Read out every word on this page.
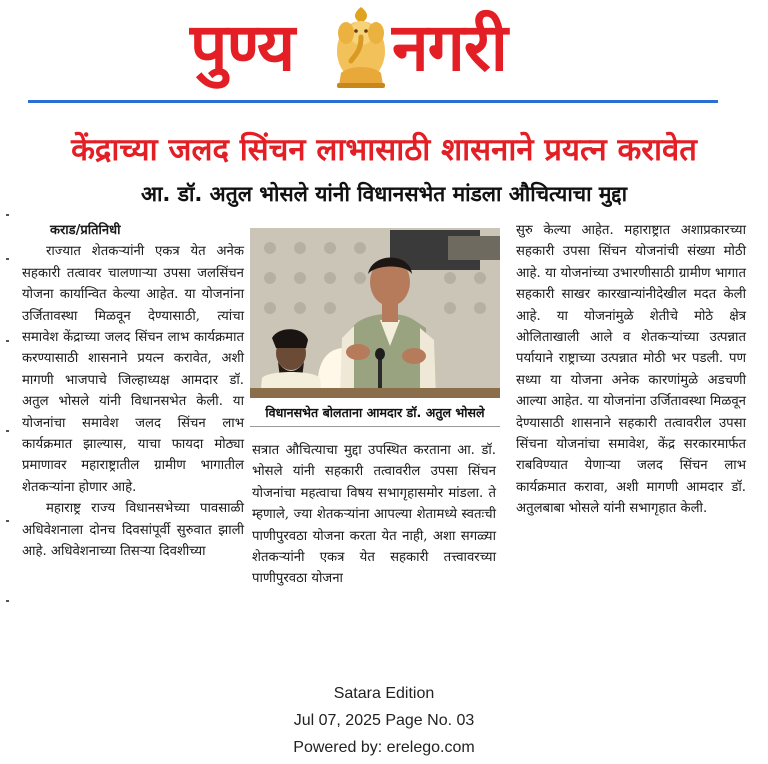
पुण्य नगरी
केंद्राच्या जलद सिंचन लाभासाठी शासनाने प्रयत्न करावेत
आ. डॉ. अतुल भोसले यांनी विधानसभेत मांडला औचित्याचा मुद्दा

कराड/प्रतिनिधी

राज्यात शेतकऱ्यांनी एकत्र येत अनेक सहकारी तत्वावर चालणाऱ्या उपसा जलसिंचन योजना कार्यान्वित केल्या आहेत. या योजनांना उर्जितावस्था मिळवून देण्यासाठी, त्यांचा समावेश केंद्राच्या जलद सिंचन लाभ कार्यक्रमात करण्यासाठी शासनाने प्रयत्न करावेत, अशी मागणी भाजपाचे जिल्हाध्यक्ष आमदार डॉ. अतुल भोसले यांनी विधानसभेत केली. या योजनांचा समावेश जलद सिंचन लाभ कार्यक्रमात झाल्यास, याचा फायदा मोठ्या प्रमाणावर महाराष्ट्रातील ग्रामीण भागातील शेतकऱ्यांना होणार आहे.

महाराष्ट्र राज्य विधानसभेच्या पावसाळी अधिवेशनाला दोनच दिवसांपूर्वी सुरुवात झाली आहे. अधिवेशनाच्या तिसऱ्या दिवशीच्या

विधानसभेत बोलताना आमदार डॉ. अतुल भोसले

सत्रात औचित्याचा मुद्दा उपस्थित करताना आ. डॉ. भोसले यांनी सहकारी तत्वावरील उपसा सिंचन योजनांचा महत्वाचा विषय सभागृहासमोर मांडला. ते म्हणाले, ज्या शेतकऱ्यांना आपल्या शेतामध्ये स्वतःची पाणीपुरवठा योजना करता येत नाही, अशा सगळ्या शेतकऱ्यांनी एकत्र येत सहकारी तत्त्वावरच्या पाणीपुरवठा योजना

सुरु केल्या आहेत. महाराष्ट्रात अशाप्रकारच्या सहकारी उपसा सिंचन योजनांची संख्या मोठी आहे. या योजनांच्या उभारणीसाठी ग्रामीण भागात सहकारी साखर कारखान्यांनीदेखील मदत केली आहे. या योजनांमुळे शेतीचे मोठे क्षेत्र ओलिताखाली आले व शेतकऱ्यांच्या उत्पन्नात पर्यायाने राष्ट्राच्या उत्पन्नात मोठी भर पडली. पण सध्या या योजना अनेक कारणांमुळे अडचणी आल्या आहेत. या योजनांना उर्जितावस्था मिळवून देण्यासाठी शासनाने सहकारी तत्वावरील उपसा सिंचना योजनांचा समावेश, केंद्र सरकारमार्फत राबविण्यात येणाऱ्या जलद सिंचन लाभ कार्यक्रमात करावा, अशी मागणी आमदार डॉ. अतुलबाबा भोसले यांनी सभागृहात केली.

Satara Edition
Jul 07, 2025 Page No. 03
Powered by: erelego.com
